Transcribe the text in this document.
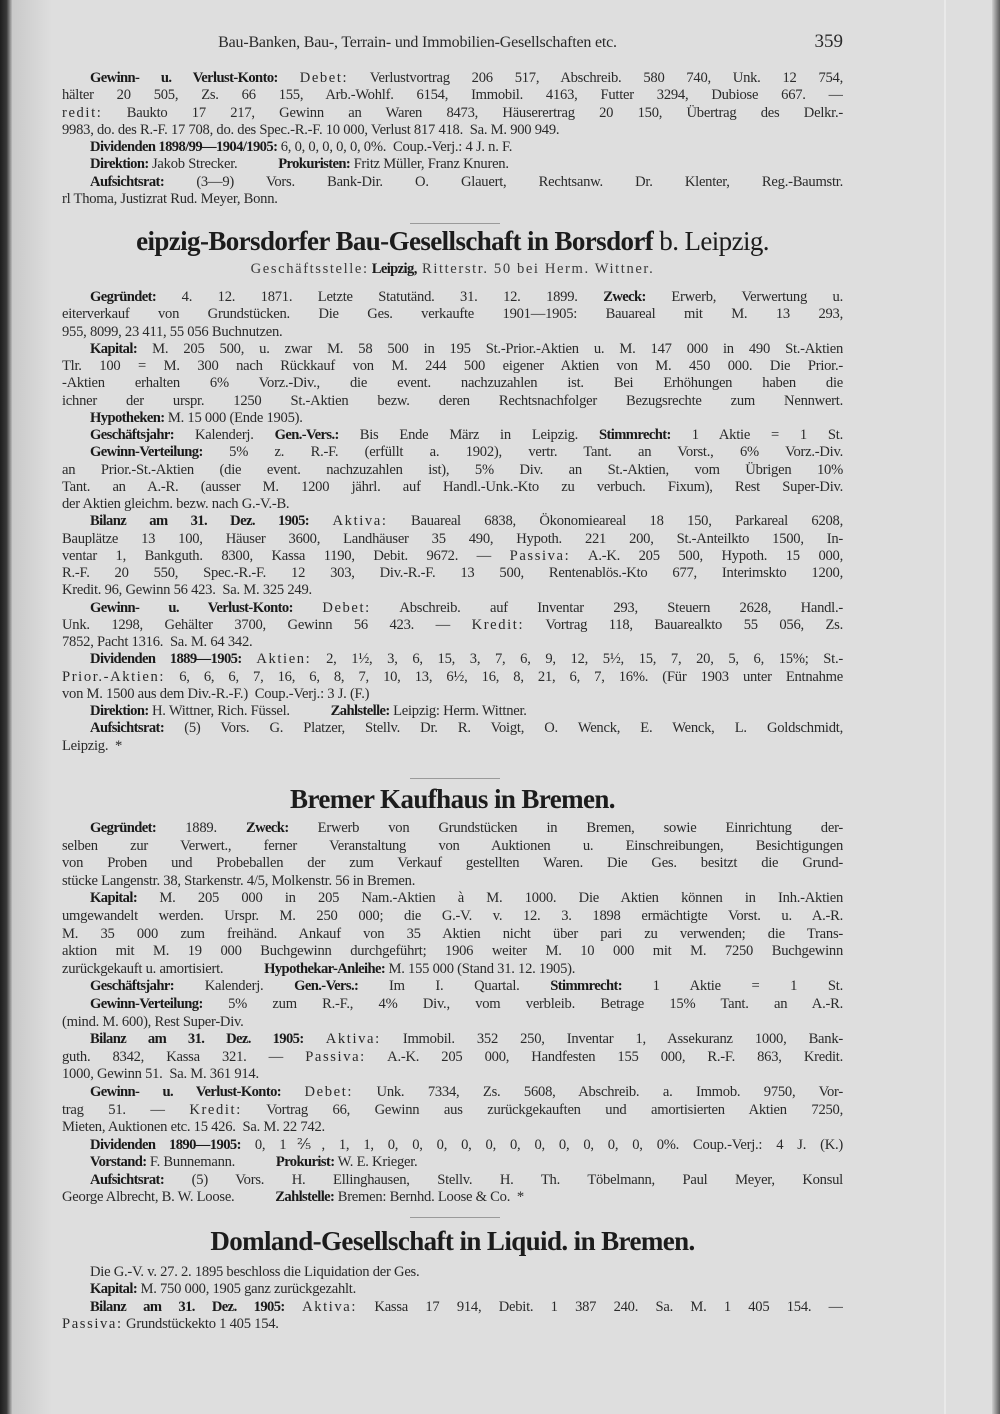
Bau-Banken, Bau-, Terrain- und Immobilien-Gesellschaften etc.	359
Gewinn- u. Verlust-Konto: Debet: Verlustvortrag 206 517, Abschreib. 580 740, Unk. 12 754,
hälter 20 505, Zs. 66 155, Arb.-Wohlf. 6154, Immobil. 4163, Futter 3294, Dubiose 667. —
redit: Baukto 17 217, Gewinn an Waren 8473, Häuserertrag 20 150, Übertrag des Delkr.-
9983, do. des R.-F. 17 708, do. des Spec.-R.-F. 10 000, Verlust 817 418.  Sa. M. 900 949.
Dividenden 1898/99—1904/1905: 6, 0, 0, 0, 0, 0, 0%.  Coup.-Verj.: 4 J. n. F.
Direktion: Jakob Strecker.            Prokuristen: Fritz Müller, Franz Knuren.
Aufsichtsrat: (3—9) Vors. Bank-Dir. O. Glauert, Rechtsanw. Dr. Klenter, Reg.-Baumstr.
rl Thoma, Justizrat Rud. Meyer, Bonn.
eipzig-Borsdorfer Bau-Gesellschaft in Borsdorf b. Leipzig.
Geschäftsstelle: Leipzig, Ritterstr. 50 bei Herm. Wittner.
Gegründet: 4. 12. 1871. Letzte Statutänd. 31. 12. 1899. Zweck: Erwerb, Verwertung u.
eiterverkauf von Grundstücken. Die Ges. verkaufte 1901—1905: Bauareal mit M. 13 293,
955, 8099, 23 411, 55 056 Buchnutzen.
Kapital: M. 205 500, u. zwar M. 58 500 in 195 St.-Prior.-Aktien u. M. 147 000 in 490 St.-Aktien
Tlr. 100 = M. 300 nach Rückkauf von M. 244 500 eigener Aktien von M. 450 000. Die Prior.-
-Aktien erhalten 6% Vorz.-Div., die event. nachzuzahlen ist. Bei Erhöhungen haben die
ichner der urspr. 1250 St.-Aktien bezw. deren Rechtsnachfolger Bezugsrechte zum Nennwert.
Hypotheken: M. 15 000 (Ende 1905).
Geschäftsjahr: Kalenderj. Gen.-Vers.: Bis Ende März in Leipzig. Stimmrecht: 1 Aktie = 1 St.
Gewinn-Verteilung: 5% z. R.-F. (erfüllt a. 1902), vertr. Tant. an Vorst., 6% Vorz.-Div.
an Prior.-St.-Aktien (die event. nachzuzahlen ist), 5% Div. an St.-Aktien, vom Übrigen 10%
Tant. an A.-R. (ausser M. 1200 jährl. auf Handl.-Unk.-Kto zu verbuch. Fixum), Rest Super-Div.
der Aktien gleichm. bezw. nach G.-V.-B.
Bilanz am 31. Dez. 1905: Aktiva: Bauareal 6838, Ökonomieareal 18 150, Parkareal 6208,
Bauplätze 13 100, Häuser 3600, Landhäuser 35 490, Hypoth. 221 200, St.-Anteilkto 1500, In-
ventar 1, Bankguth. 8300, Kassa 1190, Debit. 9672. — Passiva: A.-K. 205 500, Hypoth. 15 000,
R.-F. 20 550, Spec.-R.-F. 12 303, Div.-R.-F. 13 500, Rentenablös.-Kto 677, Interimskto 1200,
Kredit. 96, Gewinn 56 423.  Sa. M. 325 249.
Gewinn- u. Verlust-Konto: Debet: Abschreib. auf Inventar 293, Steuern 2628, Handl.-
Unk. 1298, Gehälter 3700, Gewinn 56 423. — Kredit: Vortrag 118, Bauarealkto 55 056, Zs.
7852, Pacht 1316.  Sa. M. 64 342.
Dividenden 1889—1905: Aktien: 2, 1½, 3, 6, 15, 3, 7, 6, 9, 12, 5½, 15, 7, 20, 5, 6, 15%; St.-
Prior.-Aktien: 6, 6, 6, 7, 16, 6, 8, 7, 10, 13, 6½, 16, 8, 21, 6, 7, 16%. (Für 1903 unter Entnahme
von M. 1500 aus dem Div.-R.-F.)  Coup.-Verj.: 3 J. (F.)
Direktion: H. Wittner, Rich. Füssel.            Zahlstelle: Leipzig: Herm. Wittner.
Aufsichtsrat: (5) Vors. G. Platzer, Stellv. Dr. R. Voigt, O. Wenck, E. Wenck, L. Goldschmidt,
Leipzig.  *
Bremer Kaufhaus in Bremen.
Gegründet: 1889. Zweck: Erwerb von Grundstücken in Bremen, sowie Einrichtung der-
selben zur Verwert., ferner Veranstaltung von Auktionen u. Einschreibungen, Besichtigungen
von Proben und Probeballen der zum Verkauf gestellten Waren. Die Ges. besitzt die Grund-
stücke Langenstr. 38, Starkenstr. 4/5, Molkenstr. 56 in Bremen.
Kapital: M. 205 000 in 205 Nam.-Aktien à M. 1000. Die Aktien können in Inh.-Aktien
umgewandelt werden. Urspr. M. 250 000; die G.-V. v. 12. 3. 1898 ermächtigte Vorst. u. A.-R.
M. 35 000 zum freihänd. Ankauf von 35 Aktien nicht über pari zu verwenden; die Trans-
aktion mit M. 19 000 Buchgewinn durchgeführt; 1906 weiter M. 10 000 mit M. 7250 Buchgewinn
zurückgekauft u. amortisiert.            Hypothekar-Anleihe: M. 155 000 (Stand 31. 12. 1905).
Geschäftsjahr: Kalenderj. Gen.-Vers.: Im I. Quartal. Stimmrecht: 1 Aktie = 1 St.
Gewinn-Verteilung: 5% zum R.-F., 4% Div., vom verbleib. Betrage 15% Tant. an A.-R.
(mind. M. 600), Rest Super-Div.
Bilanz am 31. Dez. 1905: Aktiva: Immobil. 352 250, Inventar 1, Assekuranz 1000, Bank-
guth. 8342, Kassa 321. — Passiva: A.-K. 205 000, Handfesten 155 000, R.-F. 863, Kredit.
1000, Gewinn 51.  Sa. M. 361 914.
Gewinn- u. Verlust-Konto: Debet: Unk. 7334, Zs. 5608, Abschreib. a. Immob. 9750, Vor-
trag 51. — Kredit: Vortrag 66, Gewinn aus zurückgekauften und amortisierten Aktien 7250,
Mieten, Auktionen etc. 15 426.  Sa. M. 22 742.
Dividenden 1890—1905: 0, 1⅖, 1, 1, 0, 0, 0, 0, 0, 0, 0, 0, 0, 0, 0, 0%. Coup.-Verj.: 4 J. (K.)
Vorstand: F. Bunnemann.            Prokurist: W. E. Krieger.
Aufsichtsrat: (5) Vors. H. Ellinghausen, Stellv. H. Th. Töbelmann, Paul Meyer, Konsul
George Albrecht, B. W. Loose.            Zahlstelle: Bremen: Bernhd. Loose & Co.  *
Domland-Gesellschaft in Liquid. in Bremen.
Die G.-V. v. 27. 2. 1895 beschloss die Liquidation der Ges.
Kapital: M. 750 000, 1905 ganz zurückgezahlt.
Bilanz am 31. Dez. 1905: Aktiva: Kassa 17 914, Debit. 1 387 240. Sa. M. 1 405 154. —
Passiva: Grundstückekto 1 405 154.
